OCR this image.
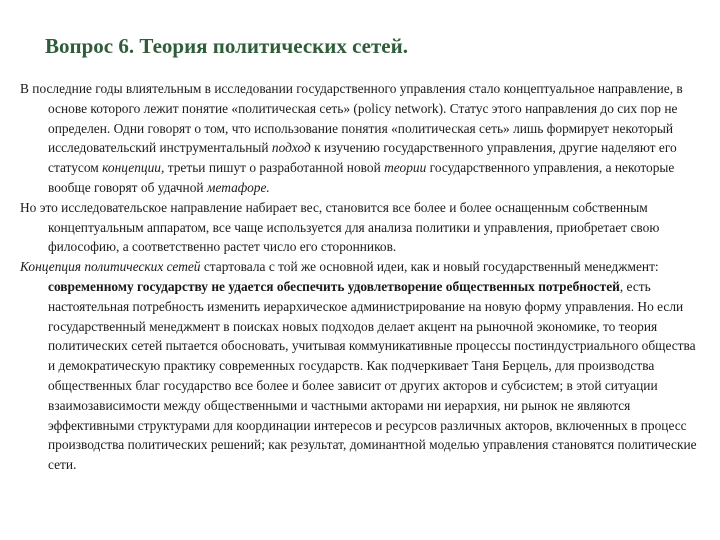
Вопрос 6. Теория политических сетей.

В последние годы влиятельным в исследовании государственного управления стало концептуальное направление, в основе которого лежит понятие «политическая сеть» (policy network). Статус этого направления до сих пор не определен. Одни говорят о том, что использование понятия «политическая сеть» лишь формирует некоторый исследовательский инструментальный подход к изучению государственного управления, другие наделяют его статусом концепции, третьи пишут о разработанной новой теории государственного управления, а некоторые вообще говорят об удачной метафоре.

Но это исследовательское направление набирает вес, становится все более и более оснащенным собственным концептуальным аппаратом, все чаще используется для анализа политики и управления, приобретает свою философию, а соответственно растет число его сторонников.

Концепция политических сетей стартовала с той же основной идеи, как и новый государственный менеджмент: современному государству не удается обеспечить удовлетворение общественных потребностей, есть настоятельная потребность изменить иерархическое администрирование на новую форму управления. Но если государственный менеджмент в поисках новых подходов делает акцент на рыночной экономике, то теория политических сетей пытается обосновать, учитывая коммуникативные процессы постиндустриального общества и демократическую практику современных государств. Как подчеркивает Таня Берцель, для производства общественных благ государство все более и более зависит от других акторов и субсистем; в этой ситуации взаимозависимости между общественными и частными акторами ни иерархия, ни рынок не являются эффективными структурами для координации интересов и ресурсов различных акторов, включенных в процесс производства политических решений; как результат, доминантной моделью управления становятся политические сети.
